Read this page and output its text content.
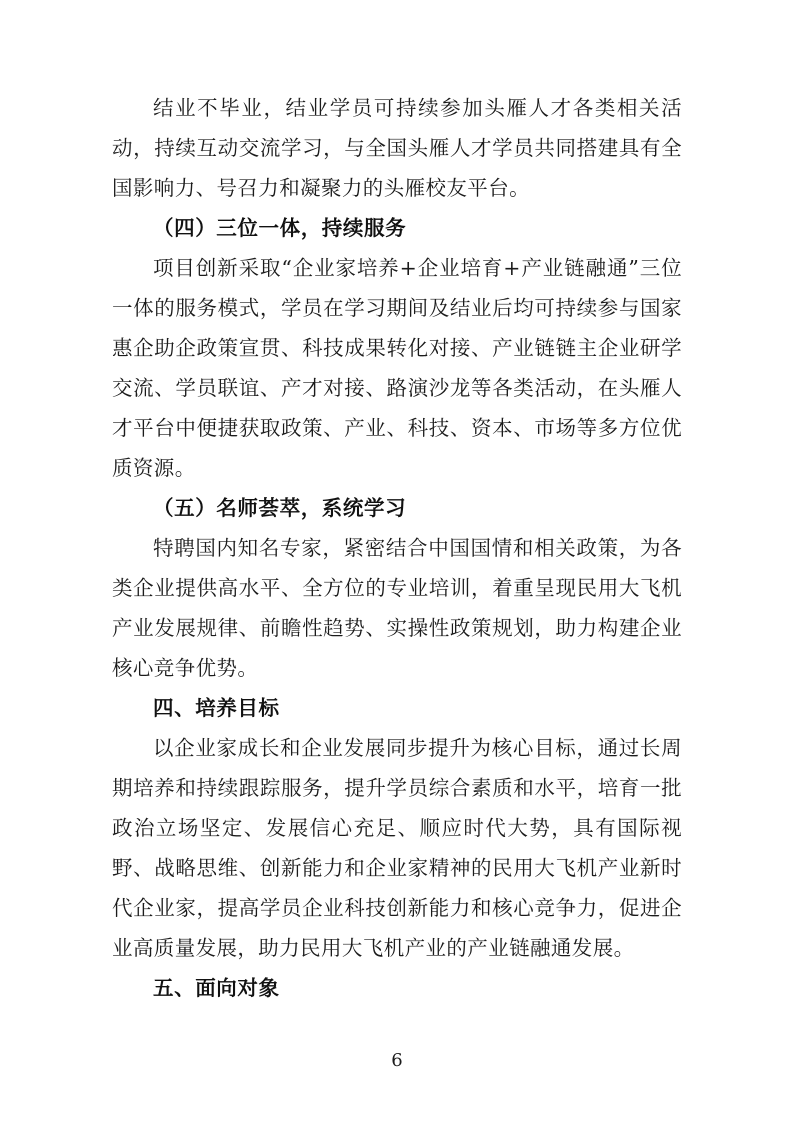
结业不毕业，结业学员可持续参加头雁人才各类相关活动，持续互动交流学习，与全国头雁人才学员共同搭建具有全国影响力、号召力和凝聚力的头雁校友平台。

（四）三位一体，持续服务

项目创新采取“企业家培养+企业培育+产业链融通”三位一体的服务模式，学员在学习期间及结业后均可持续参与国家惠企助企政策宣贯、科技成果转化对接、产业链链主企业研学交流、学员联谊、产才对接、路演沙龙等各类活动，在头雁人才平台中便捷获取政策、产业、科技、资本、市场等多方位优质资源。

（五）名师荟萃，系统学习

特聘国内知名专家，紧密结合中国国情和相关政策，为各类企业提供高水平、全方位的专业培训，着重呈现民用大飞机产业发展规律、前瞻性趋势、实操性政策规划，助力构建企业核心竞争优势。

四、培养目标

以企业家成长和企业发展同步提升为核心目标，通过长周期培养和持续跟踪服务，提升学员综合素质和水平，培育一批政治立场坚定、发展信心充足、顺应时代大势，具有国际视野、战略思维、创新能力和企业家精神的民用大飞机产业新时代企业家，提高学员企业科技创新能力和核心竞争力，促进企业高质量发展，助力民用大飞机产业的产业链融通发展。

五、面向对象

6
